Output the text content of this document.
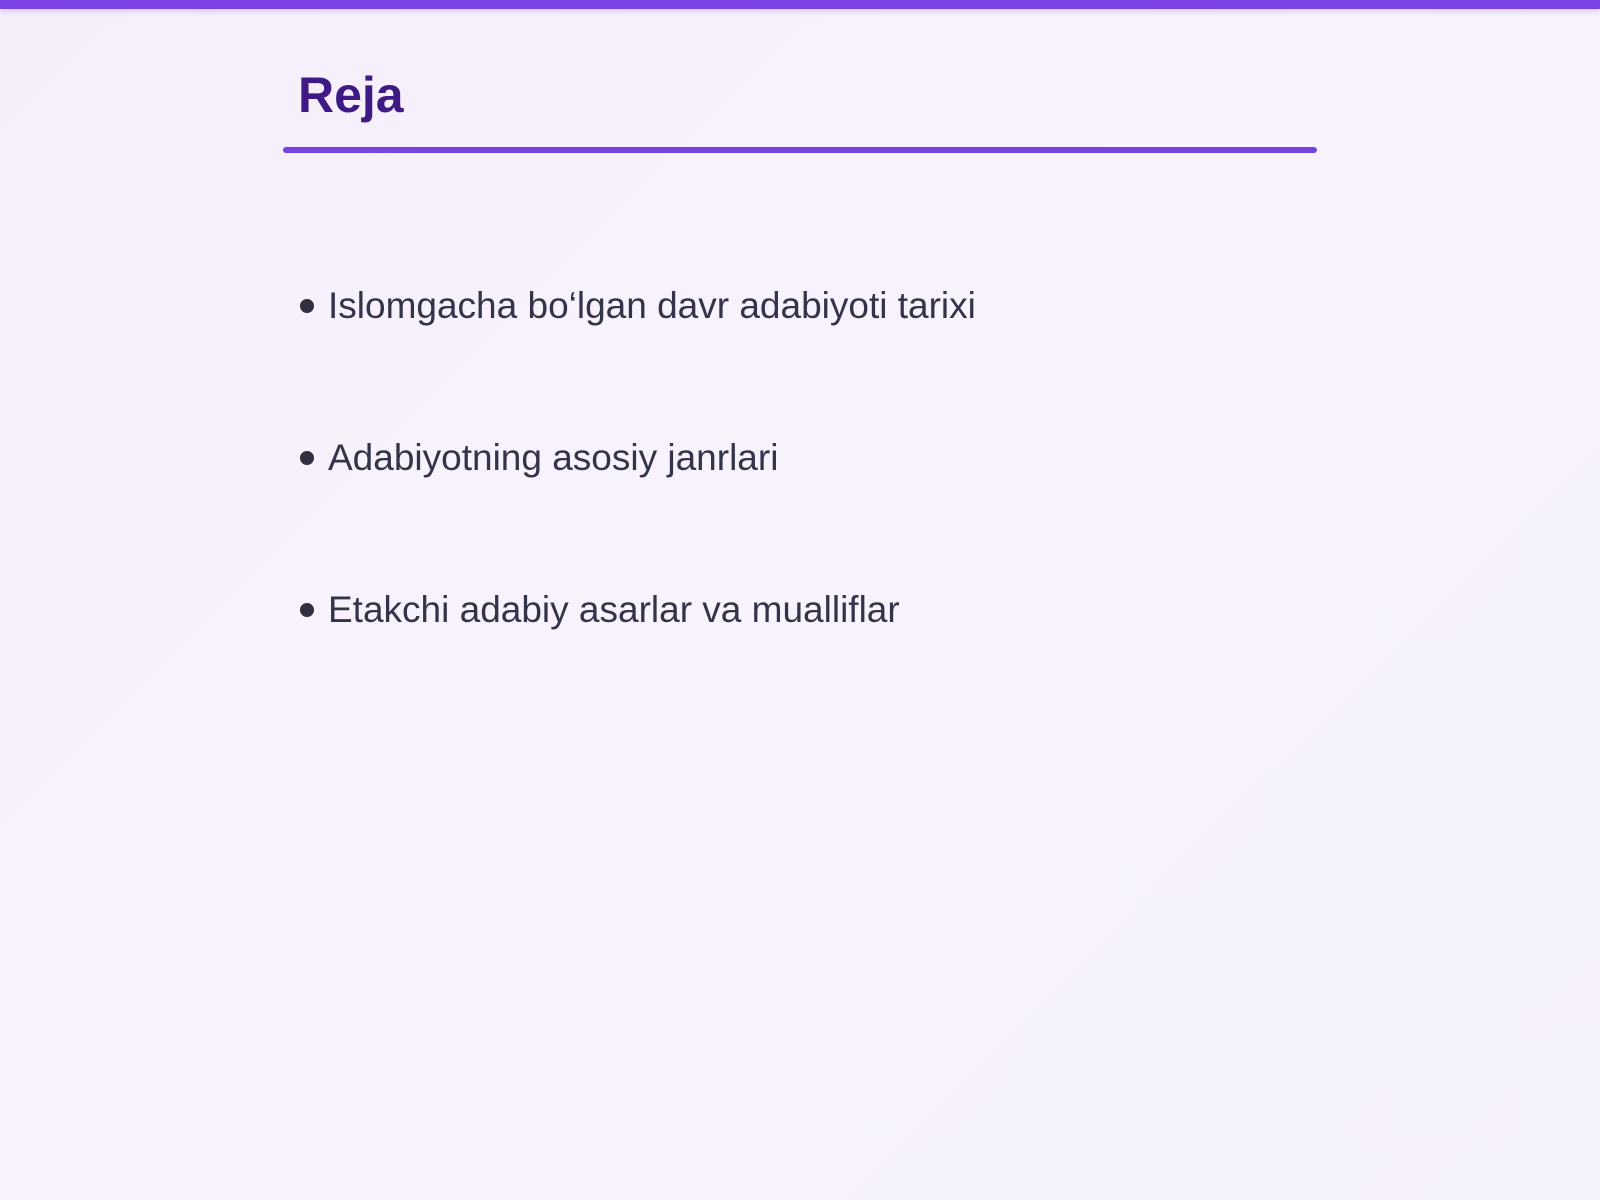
Reja
Islomgacha bo‘lgan davr adabiyoti tarixi
Adabiyotning asosiy janrlari
Etakchi adabiy asarlar va mualliflar
